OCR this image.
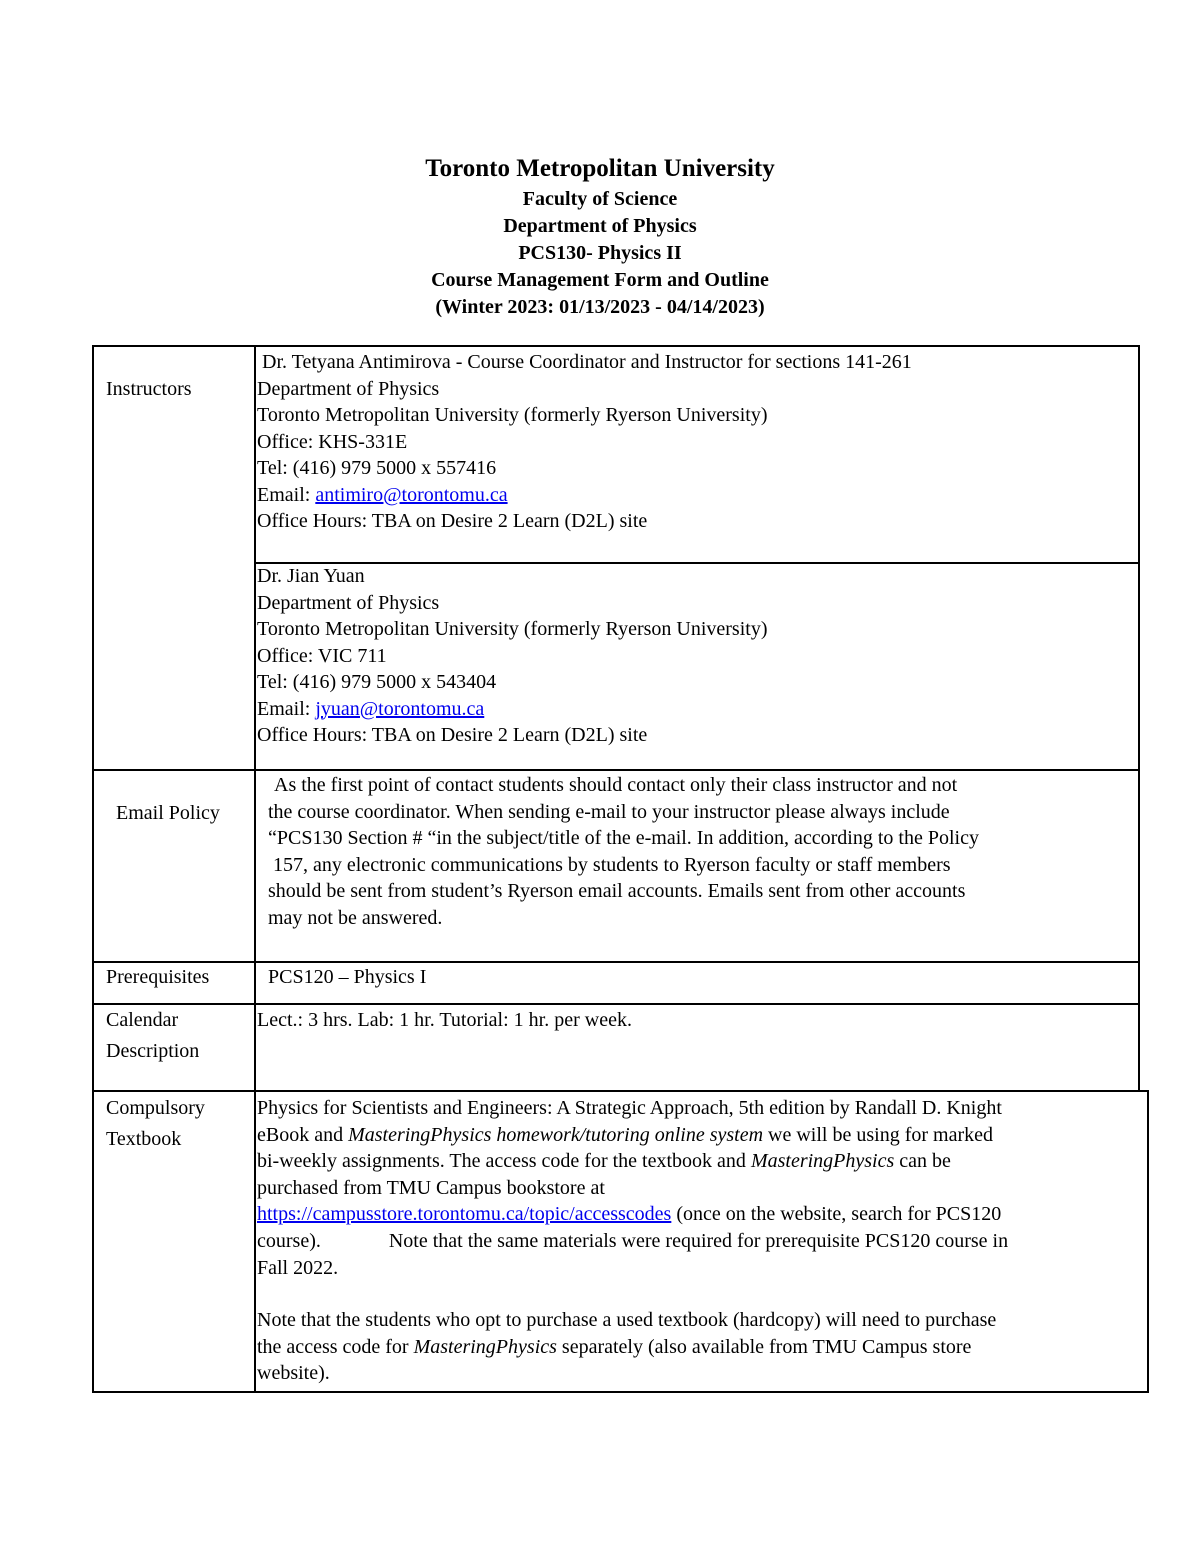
Toronto Metropolitan University
Faculty of Science
Department of Physics
PCS130- Physics II
Course Management Form and Outline
(Winter 2023: 01/13/2023 - 04/14/2023)
Instructors
Dr. Tetyana Antimirova - Course Coordinator and Instructor for sections 141-261
Department of Physics
Toronto Metropolitan University (formerly Ryerson University)
Office: KHS-331E
Tel: (416) 979 5000 x 557416
Email: antimiro@torontomu.ca
Office Hours: TBA on Desire 2 Learn (D2L) site
Dr. Jian Yuan
Department of Physics
Toronto Metropolitan University (formerly Ryerson University)
Office: VIC 711
Tel: (416) 979 5000 x 543404
Email: jyuan@torontomu.ca
Office Hours: TBA on Desire 2 Learn (D2L) site
Email Policy
As the first point of contact students should contact only their class instructor and not
the course coordinator. When sending e-mail to your instructor please always include
“PCS130 Section # “in the subject/title of the e-mail. In addition, according to the Policy
157, any electronic communications by students to Ryerson faculty or staff members
should be sent from student’s Ryerson email accounts. Emails sent from other accounts
may not be answered.
Prerequisites	PCS120 – Physics I
Calendar
Description
Lect.: 3 hrs. Lab: 1 hr. Tutorial: 1 hr. per week.
Compulsory
Textbook
Physics for Scientists and Engineers: A Strategic Approach, 5th edition by Randall D. Knight
eBook and MasteringPhysics homework/tutoring online system we will be using for marked
bi-weekly assignments. The access code for the textbook and MasteringPhysics can be
purchased from TMU Campus bookstore at
https://campusstore.torontomu.ca/topic/accesscodes (once on the website, search for PCS120
course).	Note that the same materials were required for prerequisite PCS120 course in
Fall 2022.
Note that the students who opt to purchase a used textbook (hardcopy) will need to purchase
the access code for MasteringPhysics separately (also available from TMU Campus store
website).
